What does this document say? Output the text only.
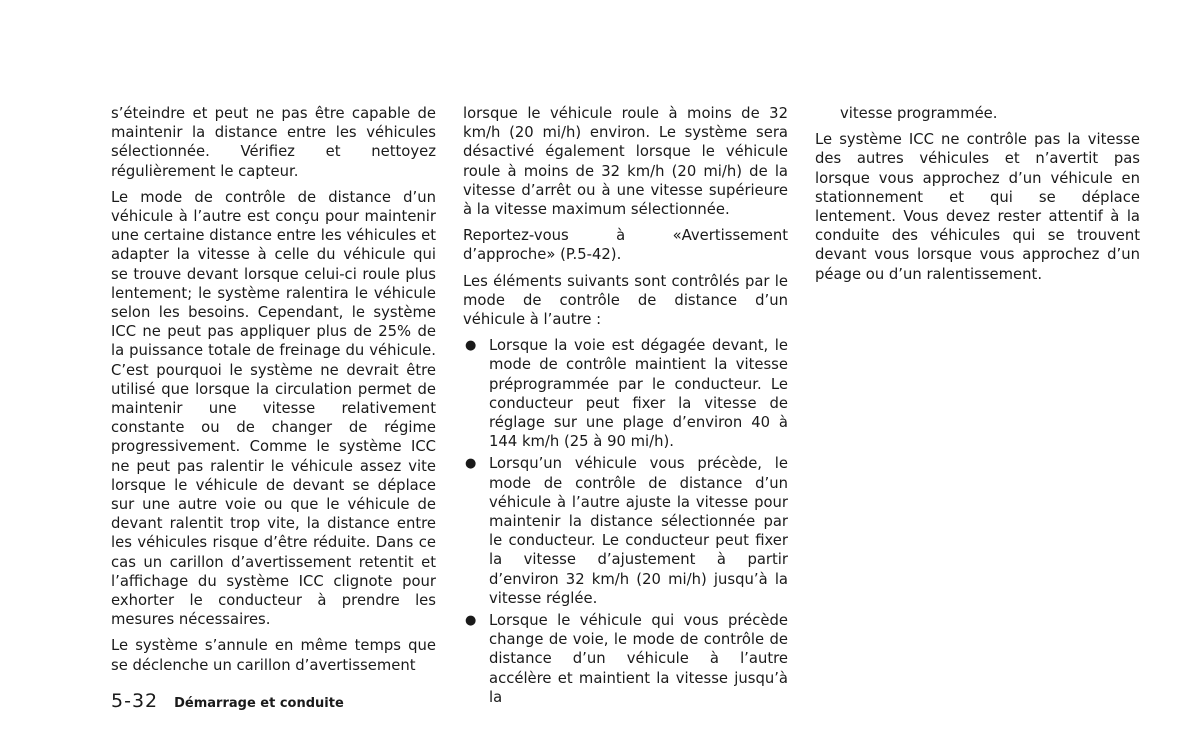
s’éteindre et peut ne pas être capable de maintenir la distance entre les véhicules sélectionnée. Vérifiez et nettoyez régulièrement le capteur.

Le mode de contrôle de distance d’un véhicule à l’autre est conçu pour maintenir une certaine distance entre les véhicules et adapter la vitesse à celle du véhicule qui se trouve devant lorsque celui-ci roule plus lentement; le système ralentira le véhicule selon les besoins. Cependant, le système ICC ne peut pas appliquer plus de 25% de la puissance totale de freinage du véhicule. C’est pourquoi le système ne devrait être utilisé que lorsque la circulation permet de maintenir une vitesse relativement constante ou de changer de régime progressivement. Comme le système ICC ne peut pas ralentir le véhicule assez vite lorsque le véhicule de devant se déplace sur une autre voie ou que le véhicule de devant ralentit trop vite, la distance entre les véhicules risque d’être réduite. Dans ce cas un carillon d’avertissement retentit et l’affichage du système ICC clignote pour exhorter le conducteur à prendre les mesures nécessaires.

Le système s’annule en même temps que se déclenche un carillon d’avertissement

lorsque le véhicule roule à moins de 32 km/h (20 mi/h) environ. Le système sera désactivé également lorsque le véhicule roule à moins de 32 km/h (20 mi/h) de la vitesse d’arrêt ou à une vitesse supérieure à la vitesse maximum sélectionnée.

Reportez-vous à «Avertissement d’approche» (P.5-42).

Les éléments suivants sont contrôlés par le mode de contrôle de distance d’un véhicule à l’autre :

● Lorsque la voie est dégagée devant, le mode de contrôle maintient la vitesse préprogrammée par le conducteur. Le conducteur peut fixer la vitesse de réglage sur une plage d’environ 40 à 144 km/h (25 à 90 mi/h).
● Lorsqu’un véhicule vous précède, le mode de contrôle de distance d’un véhicule à l’autre ajuste la vitesse pour maintenir la distance sélectionnée par le conducteur. Le conducteur peut fixer la vitesse d’ajustement à partir d’environ 32 km/h (20 mi/h) jusqu’à la vitesse réglée.
● Lorsque le véhicule qui vous précède change de voie, le mode de contrôle de distance d’un véhicule à l’autre accélère et maintient la vitesse jusqu’à la

vitesse programmée.

Le système ICC ne contrôle pas la vitesse des autres véhicules et n’avertit pas lorsque vous approchez d’un véhicule en stationnement et qui se déplace lentement. Vous devez rester attentif à la conduite des véhicules qui se trouvent devant vous lorsque vous approchez d’un péage ou d’un ralentissement.

5-32 Démarrage et conduite
